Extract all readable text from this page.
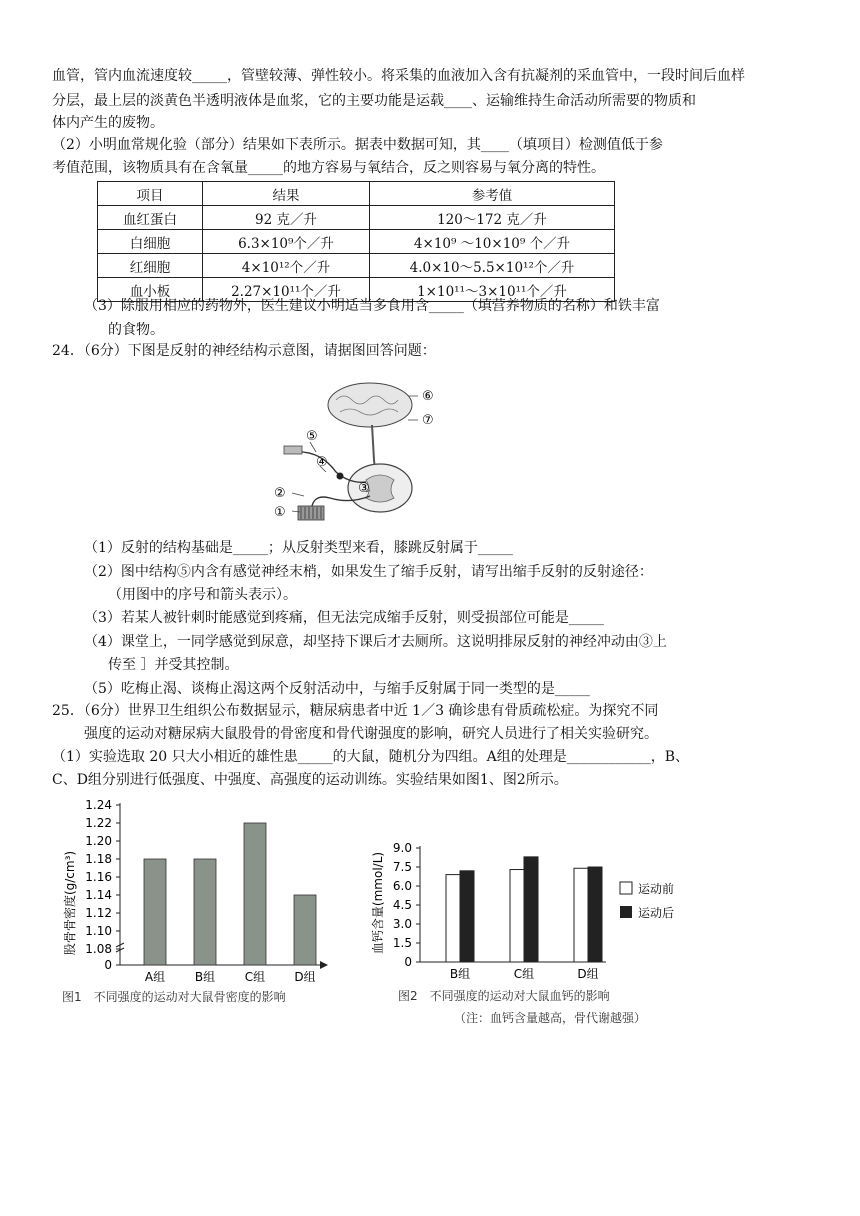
血管，管内血流速度较_____，管壁较薄、弹性较小。将采集的血液加入含有抗凝剂的采血管中，一段时间后血样
分层，最上层的淡黄色半透明液体是血浆，它的主要功能是运载____、运输维持生命活动所需要的物质和
体内产生的废物。
（2）小明血常规化验（部分）结果如下表所示。据表中数据可知，其____（填项目）检测值低于参
考值范围，该物质具有在含氧量_____的地方容易与氧结合，反之则容易与氧分离的特性。
项目	结果	参考值
血红蛋白	92 克／升	120～172 克／升
白细胞	6.3×10⁹个／升	4×10⁹ ～10×10⁹ 个／升
红细胞	4×10¹²个／升	4.0×10～5.5×10¹²个／升
血小板	2.27×10¹¹个／升	1×10¹¹～3×10¹¹个／升
（3）除服用相应的药物外，医生建议小明适当多食用含_____（填营养物质的名称）和铁丰富
的食物。
24．（6分）下图是反射的神经结构示意图，请据图回答问题：
⑥
⑦
⑤
④
③
②
①
（1）反射的结构基础是_____；从反射类型来看，膝跳反射属于_____
（2）图中结构⑤内含有感觉神经末梢，如果发生了缩手反射，请写出缩手反射的反射途径：
（用图中的序号和箭头表示）。
（3）若某人被针刺时能感觉到疼痛，但无法完成缩手反射，则受损部位可能是_____
（4）课堂上，一同学感觉到尿意，却坚持下课后才去厕所。这说明排尿反射的神经冲动由③上
传至 ］并受其控制。
（5）吃梅止渴、谈梅止渴这两个反射活动中，与缩手反射属于同一类型的是_____
25．（6分）世界卫生组织公布数据显示，糖尿病患者中近 1／3 确诊患有骨质疏松症。为探究不同
强度的运动对糖尿病大鼠股骨的骨密度和骨代谢强度的影响，研究人员进行了相关实验研究。
（1）实验选取 20 只大小相近的雄性患_____的大鼠，随机分为四组。A组的处理是____________，B、
C、D组分别进行低强度、中强度、高强度的运动训练。实验结果如图1、图2所示。
股骨骨密度(g/cm³)
1.24
1.22
1.20
1.18
1.16
1.14
1.12
1.10
1.08
0
A组 B组 C组 D组
图1　不同强度的运动对大鼠骨密度的影响
血钙含量(mmol/L)
9.0
7.5
6.0
4.5
3.0
1.5
0
B组	C组	D组
运动前
运动后
图2　不同强度的运动对大鼠血钙的影响
（注：血钙含量越高，骨代谢越强）
